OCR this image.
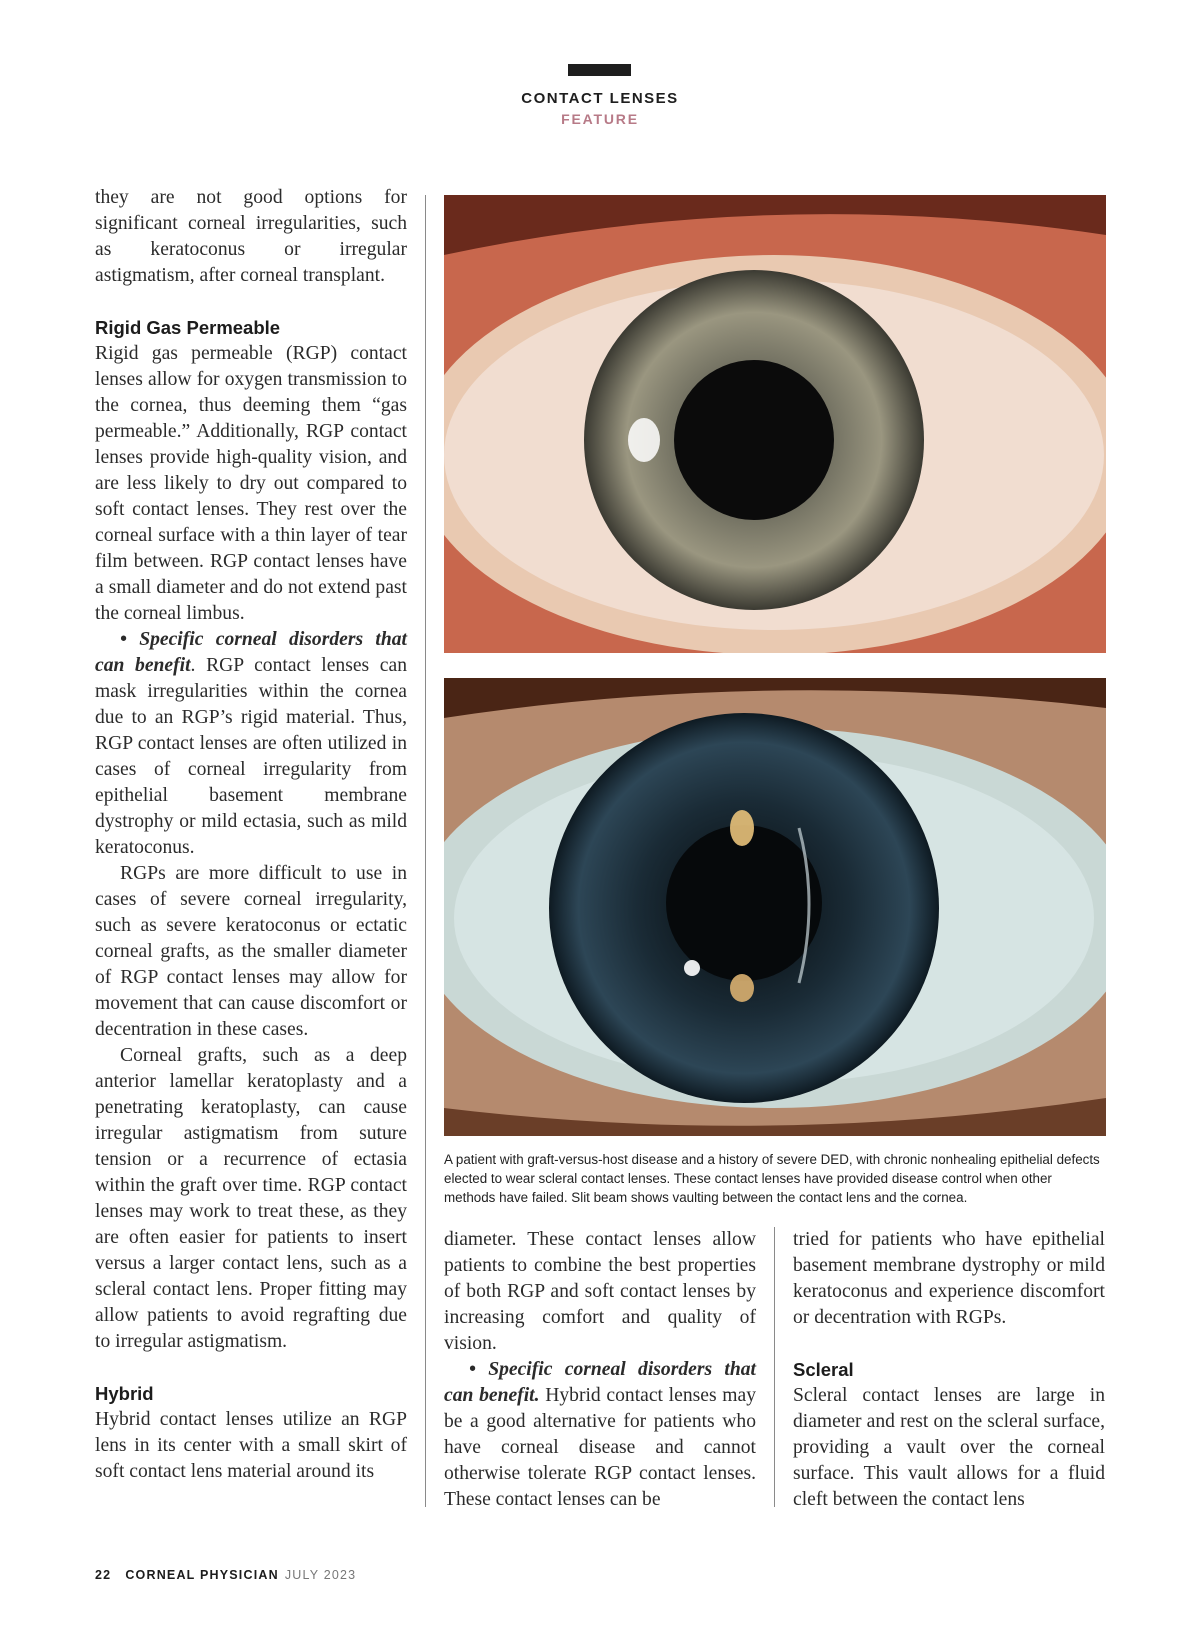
CONTACT LENSES
FEATURE

they are not good options for significant corneal irregularities, such as keratoconus or irregular astigmatism, after corneal transplant.

Rigid Gas Permeable

Rigid gas permeable (RGP) contact lenses allow for oxygen transmission to the cornea, thus deeming them “gas permeable.” Additionally, RGP contact lenses provide high-quality vision, and are less likely to dry out compared to soft contact lenses. They rest over the corneal surface with a thin layer of tear film between. RGP contact lenses have a small diameter and do not extend past the corneal limbus.

• Specific corneal disorders that can benefit. RGP contact lenses can mask irregularities within the cornea due to an RGP’s rigid material. Thus, RGP contact lenses are often utilized in cases of corneal irregularity from epithelial basement membrane dystrophy or mild ectasia, such as mild keratoconus.

RGPs are more difficult to use in cases of severe corneal irregularity, such as severe keratoconus or ectatic corneal grafts, as the smaller diameter of RGP contact lenses may allow for movement that can cause discomfort or decentration in these cases.

Corneal grafts, such as a deep anterior lamellar keratoplasty and a penetrating keratoplasty, can cause irregular astigmatism from suture tension or a recurrence of ectasia within the graft over time. RGP contact lenses may work to treat these, as they are often easier for patients to insert versus a larger contact lens, such as a scleral contact lens. Proper fitting may allow patients to avoid regrafting due to irregular astigmatism.

Hybrid

Hybrid contact lenses utilize an RGP lens in its center with a small skirt of soft contact lens material around its

A patient with graft-versus-host disease and a history of severe DED, with chronic nonhealing epithelial defects elected to wear scleral contact lenses. These contact lenses have provided disease control when other methods have failed. Slit beam shows vaulting between the contact lens and the cornea.

diameter. These contact lenses allow patients to combine the best properties of both RGP and soft contact lenses by increasing comfort and quality of vision.

• Specific corneal disorders that can benefit. Hybrid contact lenses may be a good alternative for patients who have corneal disease and cannot otherwise tolerate RGP contact lenses. These contact lenses can be

tried for patients who have epithelial basement membrane dystrophy or mild keratoconus and experience discomfort or decentration with RGPs.

Scleral

Scleral contact lenses are large in diameter and rest on the scleral surface, providing a vault over the corneal surface. This vault allows for a fluid cleft between the contact lens

22 CORNEAL PHYSICIAN JULY 2023
